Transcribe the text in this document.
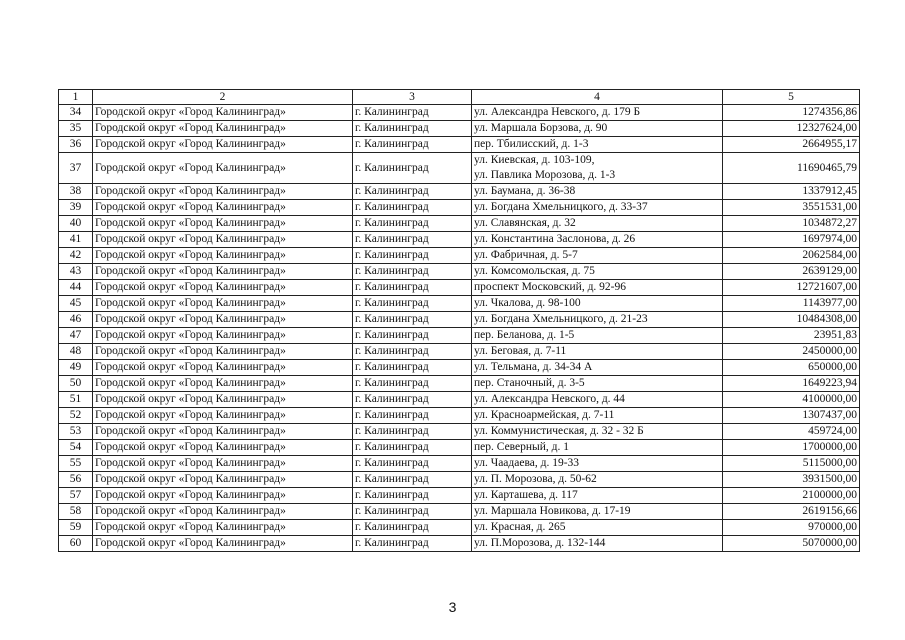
1	2	3	4	5
34	Городской округ «Город Калининград»	г. Калининград	ул. Александра Невского, д. 179 Б	1274356,86
35	Городской округ «Город Калининград»	г. Калининград	ул. Маршала Борзова, д. 90	12327624,00
36	Городской округ «Город Калининград»	г. Калининград	пер. Тбилисский, д. 1-3	2664955,17
37	Городской округ «Город Калининград»	г. Калининград	ул. Киевская, д. 103-109,
ул. Павлика Морозова, д. 1-3	11690465,79
38	Городской округ «Город Калининград»	г. Калининград	ул. Баумана, д. 36-38	1337912,45
39	Городской округ «Город Калининград»	г. Калининград	ул. Богдана Хмельницкого, д. 33-37	3551531,00
40	Городской округ «Город Калининград»	г. Калининград	ул. Славянская, д. 32	1034872,27
41	Городской округ «Город Калининград»	г. Калининград	ул. Константина Заслонова, д. 26	1697974,00
42	Городской округ «Город Калининград»	г. Калининград	ул. Фабричная, д. 5-7	2062584,00
43	Городской округ «Город Калининград»	г. Калининград	ул. Комсомольская, д. 75	2639129,00
44	Городской округ «Город Калининград»	г. Калининград	проспект Московский, д. 92-96	12721607,00
45	Городской округ «Город Калининград»	г. Калининград	ул. Чкалова, д. 98-100	1143977,00
46	Городской округ «Город Калининград»	г. Калининград	ул. Богдана Хмельницкого, д. 21-23	10484308,00
47	Городской округ «Город Калининград»	г. Калининград	пер. Беланова, д. 1-5	23951,83
48	Городской округ «Город Калининград»	г. Калининград	ул. Беговая, д. 7-11	2450000,00
49	Городской округ «Город Калининград»	г. Калининград	ул. Тельмана, д. 34-34 А	650000,00
50	Городской округ «Город Калининград»	г. Калининград	пер. Станочный, д. 3-5	1649223,94
51	Городской округ «Город Калининград»	г. Калининград	ул. Александра Невского, д. 44	4100000,00
52	Городской округ «Город Калининград»	г. Калининград	ул. Красноармейская, д. 7-11	1307437,00
53	Городской округ «Город Калининград»	г. Калининград	ул. Коммунистическая, д. 32 - 32 Б	459724,00
54	Городской округ «Город Калининград»	г. Калининград	пер. Северный, д. 1	1700000,00
55	Городской округ «Город Калининград»	г. Калининград	ул. Чаадаева, д. 19-33	5115000,00
56	Городской округ «Город Калининград»	г. Калининград	ул. П. Морозова, д. 50-62	3931500,00
57	Городской округ «Город Калининград»	г. Калининград	ул. Карташева, д. 117	2100000,00
58	Городской округ «Город Калининград»	г. Калининград	ул. Маршала Новикова, д. 17-19	2619156,66
59	Городской округ «Город Калининград»	г. Калининград	ул. Красная, д. 265	970000,00
60	Городской округ «Город Калининград»	г. Калининград	ул. П.Морозова, д. 132-144	5070000,00
3
